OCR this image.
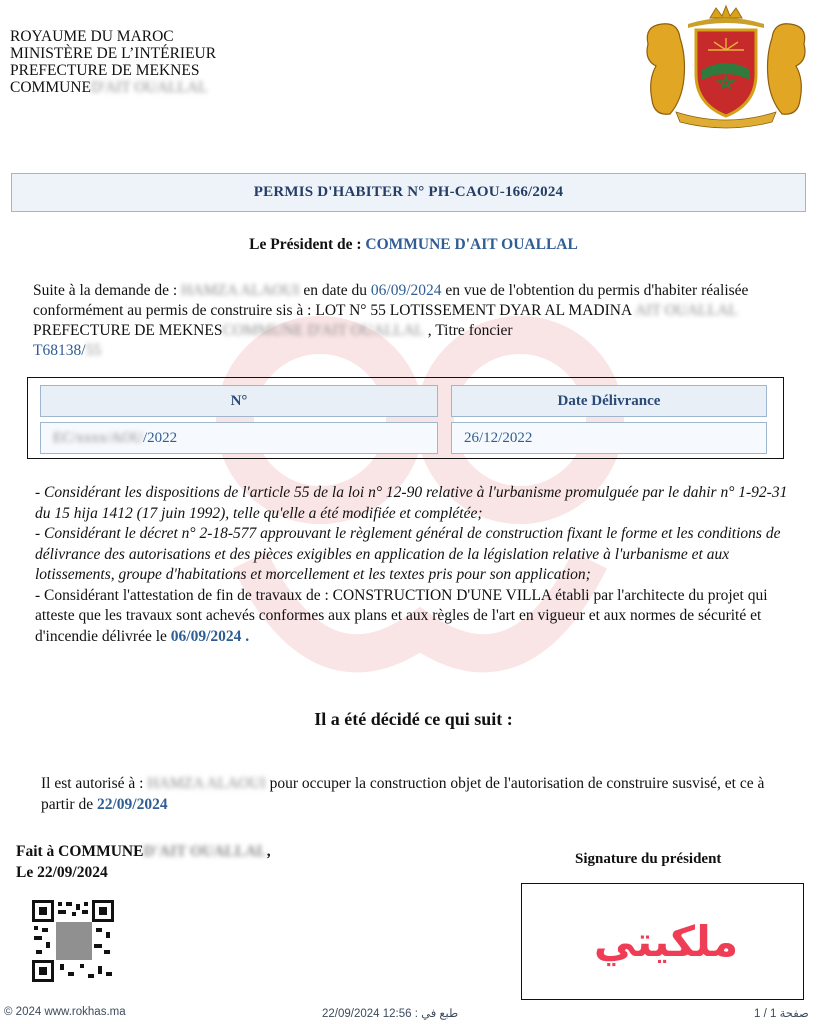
ROYAUME DU MAROC
MINISTÈRE DE L’INTÉRIEUR
PREFECTURE DE MEKNES
COMMUNED'AIT OUALLAL
PERMIS D'HABITER N° PH-CAOU-166/2024
Le Président de : COMMUNE D'AIT OUALLAL
Suite à la demande de : HAMZA ALAOUI en date du 06/09/2024 en vue de l'obtention du permis d'habiter réalisée conformément au permis de construire sis à : LOT N° 55 LOTISSEMENT DYAR AL MADINA AIT OUALLAL PREFECTURE DE MEKNESCOMMUNE D'AIT OUALLAL , Titre foncier
T68138/55
N°	Date Délivrance
EC/xxxx/AOU /2022	26/12/2022

- Considérant les dispositions de l'article 55 de la loi n° 12-90 relative à l'urbanisme promulguée par le dahir n° 1-92-31 du 15 hija 1412 (17 juin 1992), telle qu'elle a été modifiée et complétée;

- Considérant le décret n° 2-18-577 approuvant le règlement général de construction fixant le forme et les conditions de délivrance des autorisations et des pièces exigibles en application de la législation relative à l'urbanisme et aux lotissements, groupe d'habitations et morcellement et les textes pris pour son application;

- Considérant l'attestation de fin de travaux de : CONSTRUCTION D'UNE VILLA établi par l'architecte du projet qui atteste que les travaux sont achevés conformes aux plans et aux règles de l'art en vigueur et aux normes de sécurité et d'incendie délivrée le 06/09/2024 .

Il a été décidé ce qui suit :
Il est autorisé à : HAMZA ALAOUI pour occuper la construction objet de l'autorisation de construire susvisé, et ce à partir de 22/09/2024
Fait à COMMUNED'AIT OUALLAL,
Le 22/09/2024
Signature du président
ملكيتي
© 2024 www.rokhas.ma	22/09/2024 12:56 : طبع في	صفحة 1 / 1
